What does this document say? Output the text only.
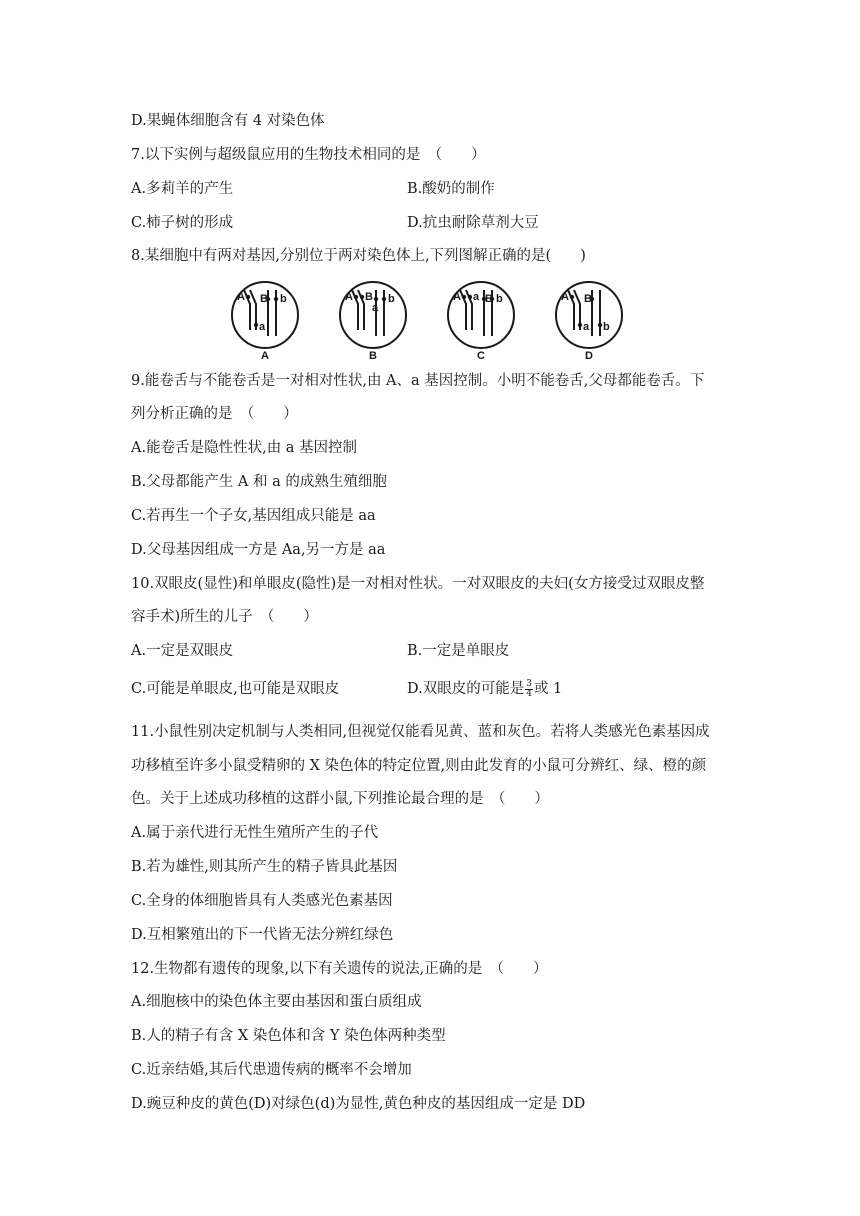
D.果蝇体细胞含有 4 对染色体
7.以下实例与超级鼠应用的生物技术相同的是　（　　）
A.多莉羊的产生	B.酸奶的制作
C.柿子树的形成	D.抗虫耐除草剂大豆
8.某细胞中有两对基因,分别位于两对染色体上,下列图解正确的是(　　)
A
a
B b
A
A B
a
b
B
A a B b
C
A B
a b
D
9.能卷舌与不能卷舌是一对相对性状,由 A、a 基因控制。小明不能卷舌,父母都能卷舌。下
列分析正确的是　（　　）
A.能卷舌是隐性性状,由 a 基因控制
B.父母都能产生 A 和 a 的成熟生殖细胞
C.若再生一个子女,基因组成只能是 aa
D.父母基因组成一方是 Aa,另一方是 aa
10.双眼皮(显性)和单眼皮(隐性)是一对相对性状。一对双眼皮的夫妇(女方接受过双眼皮整
容手术)所生的儿子　（　　）
A.一定是双眼皮	B.一定是单眼皮
C.可能是单眼皮,也可能是双眼皮	D.双眼皮的可能是 $\frac{3}{4}$ 或 1
11.小鼠性别决定机制与人类相同,但视觉仅能看见黄、蓝和灰色。若将人类感光色素基因成
功移植至许多小鼠受精卵的 X 染色体的特定位置,则由此发育的小鼠可分辨红、绿、橙的颜
色。关于上述成功移植的这群小鼠,下列推论最合理的是　（　　）
A.属于亲代进行无性生殖所产生的子代
B.若为雄性,则其所产生的精子皆具此基因
C.全身的体细胞皆具有人类感光色素基因
D.互相繁殖出的下一代皆无法分辨红绿色
12.生物都有遗传的现象,以下有关遗传的说法,正确的是　（　　）
A.细胞核中的染色体主要由基因和蛋白质组成
B.人的精子有含 X 染色体和含 Y 染色体两种类型
C.近亲结婚,其后代患遗传病的概率不会增加
D.豌豆种皮的黄色(D)对绿色(d)为显性,黄色种皮的基因组成一定是 DD
